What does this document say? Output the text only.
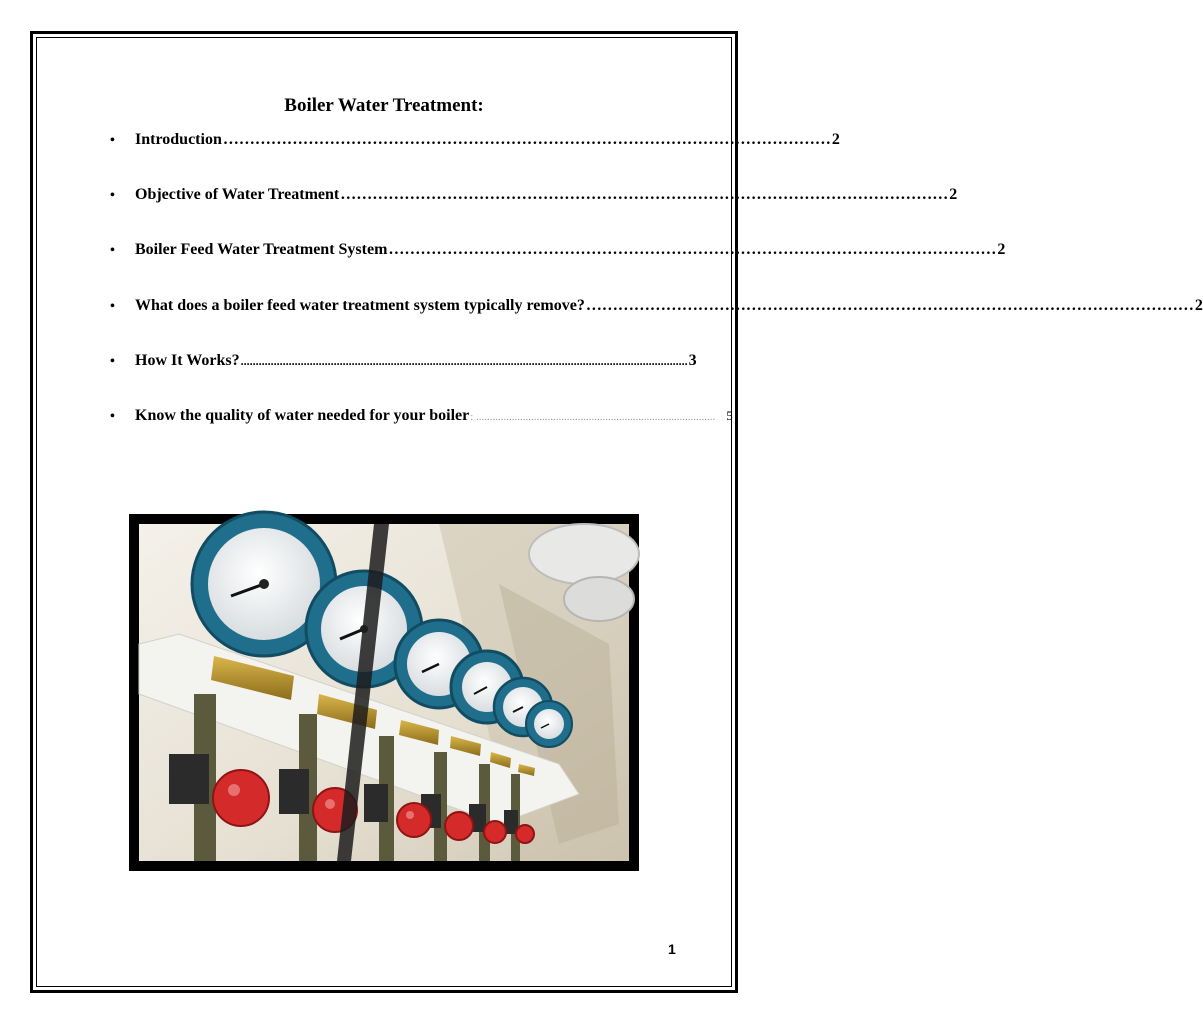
Boiler Water Treatment:
•	Introduction …………………………………………………………………………………………………… 2
•	Objective of Water Treatment …………………………………………………………………………………………………… 2
•	Boiler Feed Water Treatment System …………………………………………………………………………………………………… 2
•	What does a boiler feed water treatment system typically remove? …………………………………………………………………………………………………… 2
•	How It Works? ..................................................................................................................................................... 3
•	Know the quality of water needed for your boiler : ....................................................................................... 5
1
